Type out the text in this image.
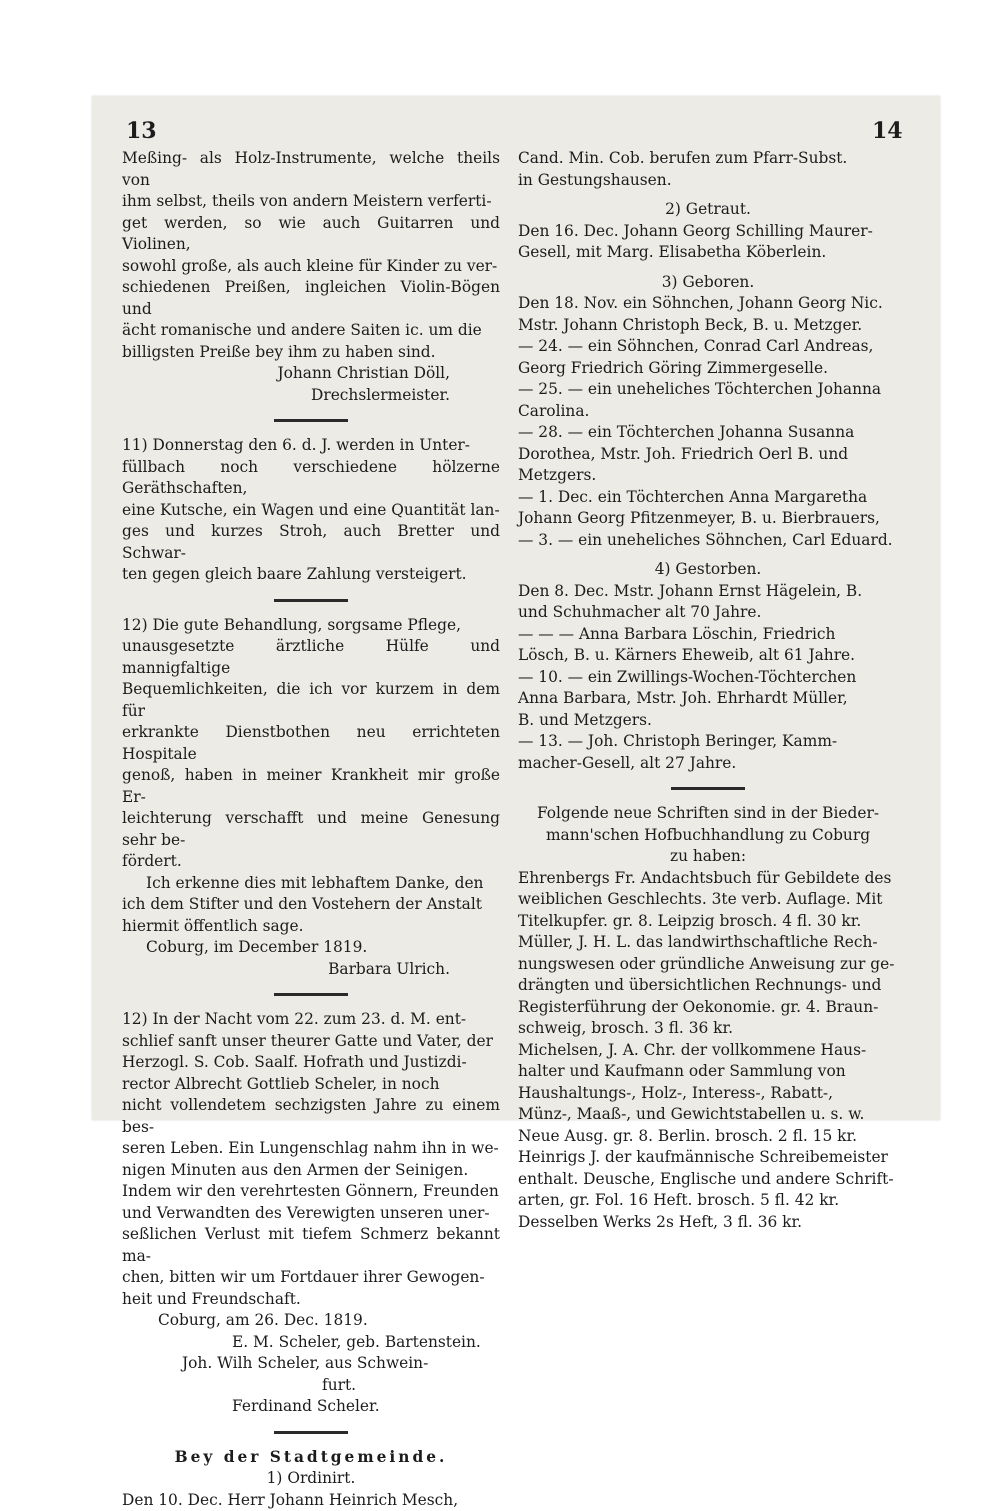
13	14

Meßing- als Holz-Instrumente, welche theils von

ihm selbst, theils von andern Meistern verferti-

get werden, so wie auch Guitarren und Violinen,

sowohl große, als auch kleine für Kinder zu ver-

schiedenen Preißen, ingleichen Violin-Bögen und

ächt romanische und andere Saiten ic. um die

billigsten Preiße bey ihm zu haben sind.

Johann Christian Döll,

Drechslermeister.

11) Donnerstag den 6. d. J. werden in Unter-

füllbach noch verschiedene hölzerne Geräthschaften,

eine Kutsche, ein Wagen und eine Quantität lan-

ges und kurzes Stroh, auch Bretter und Schwar-

ten gegen gleich baare Zahlung versteigert.

12) Die gute Behandlung, sorgsame Pflege,

unausgesetzte ärztliche Hülfe und mannigfaltige

Bequemlichkeiten, die ich vor kurzem in dem für

erkrankte Dienstbothen neu errichteten Hospitale

genoß, haben in meiner Krankheit mir große Er-

leichterung verschafft und meine Genesung sehr be-

fördert.

Ich erkenne dies mit lebhaftem Danke, den

ich dem Stifter und den Vostehern der Anstalt

hiermit öffentlich sage.

Coburg, im December 1819.

Barbara Ulrich.

12) In der Nacht vom 22. zum 23. d. M. ent-

schlief sanft unser theurer Gatte und Vater, der

Herzogl. S. Cob. Saalf. Hofrath und Justizdi-

rector Albrecht Gottlieb Scheler, in noch

nicht vollendetem sechzigsten Jahre zu einem bes-

seren Leben. Ein Lungenschlag nahm ihn in we-

nigen Minuten aus den Armen der Seinigen.

Indem wir den verehrtesten Gönnern, Freunden

und Verwandten des Verewigten unseren uner-

seßlichen Verlust mit tiefem Schmerz bekannt ma-

chen, bitten wir um Fortdauer ihrer Gewogen-

heit und Freundschaft.

Coburg, am 26. Dec. 1819.

E. M. Scheler, geb. Bartenstein.

Joh. Wilh Scheler, aus Schwein-

furt.

Ferdinand Scheler.

Bey der Stadtgemeinde.

1) Ordinirt.

Den 10. Dec. Herr Johann Heinrich Mesch,

Cand. Min. Cob. berufen zum Pfarr-Subst.

in Gestungshausen.

2) Getraut.

Den 16. Dec. Johann Georg Schilling Maurer-

Gesell, mit Marg. Elisabetha Köberlein.

3) Geboren.

Den 18. Nov. ein Söhnchen, Johann Georg Nic.

Mstr. Johann Christoph Beck, B. u. Metzger.

— 24. — ein Söhnchen, Conrad Carl Andreas,

Georg Friedrich Göring Zimmergeselle.

— 25. — ein uneheliches Töchterchen Johanna

Carolina.

— 28. — ein Töchterchen Johanna Susanna

Dorothea, Mstr. Joh. Friedrich Oerl B. und

Metzgers.

— 1. Dec. ein Töchterchen Anna Margaretha

Johann Georg Pfitzenmeyer, B. u. Bierbrauers,

— 3. — ein uneheliches Söhnchen, Carl Eduard.

4) Gestorben.

Den 8. Dec. Mstr. Johann Ernst Hägelein, B.

und Schuhmacher alt 70 Jahre.

— — — Anna Barbara Löschin, Friedrich

Lösch, B. u. Kärners Eheweib, alt 61 Jahre.

— 10. — ein Zwillings-Wochen-Töchterchen

Anna Barbara, Mstr. Joh. Ehrhardt Müller,

B. und Metzgers.

— 13. — Joh. Christoph Beringer, Kamm-

macher-Gesell, alt 27 Jahre.

Folgende neue Schriften sind in der Bieder-

mann'schen Hofbuchhandlung zu Coburg

zu haben:

Ehrenbergs Fr. Andachtsbuch für Gebildete des

weiblichen Geschlechts. 3te verb. Auflage. Mit

Titelkupfer. gr. 8. Leipzig brosch. 4 fl. 30 kr.

Müller, J. H. L. das landwirthschaftliche Rech-

nungswesen oder gründliche Anweisung zur ge-

drängten und übersichtlichen Rechnungs- und

Registerführung der Oekonomie. gr. 4. Braun-

schweig, brosch. 3 fl. 36 kr.

Michelsen, J. A. Chr. der vollkommene Haus-

halter und Kaufmann oder Sammlung von

Haushaltungs-, Holz-, Interess-, Rabatt-,

Münz-, Maaß-, und Gewichtstabellen u. s. w.

Neue Ausg. gr. 8. Berlin. brosch. 2 fl. 15 kr.

Heinrigs J. der kaufmännische Schreibemeister

enthalt. Deusche, Englische und andere Schrift-

arten, gr. Fol. 16 Heft. brosch. 5 fl. 42 kr.

Desselben Werks 2s Heft, 3 fl. 36 kr.
